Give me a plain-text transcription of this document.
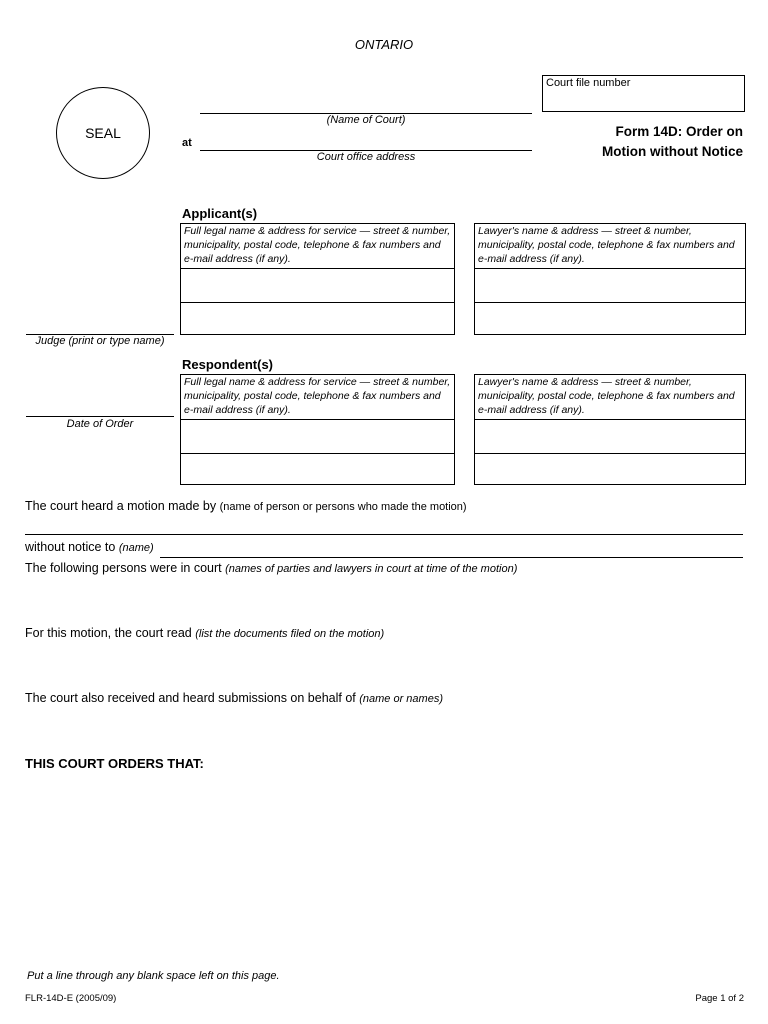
ONTARIO
SEAL
(Name of Court)
at
Court office address
Court file number
Form 14D: Order on
Motion without Notice
Judge (print or type name)
Date of Order
Applicant(s)
Full legal name & address for service — street & number, municipality, postal code, telephone & fax numbers and e-mail address (if any).
Lawyer's name & address — street & number, municipality, postal code, telephone & fax numbers and e-mail address (if any).
Respondent(s)
Full legal name & address for service — street & number, municipality, postal code, telephone & fax numbers and e-mail address (if any).
Lawyer's name & address — street & number, municipality, postal code, telephone & fax numbers and e-mail address (if any).
The court heard a motion made by (name of person or persons who made the motion)
without notice to (name)
The following persons were in court (names of parties and lawyers in court at time of the motion)
For this motion, the court read (list the documents filed on the motion)
The court also received and heard submissions on behalf of (name or names)
THIS COURT ORDERS THAT:
Put a line through any blank space left on this page.
FLR-14D-E (2005/09)	Page 1 of 2
